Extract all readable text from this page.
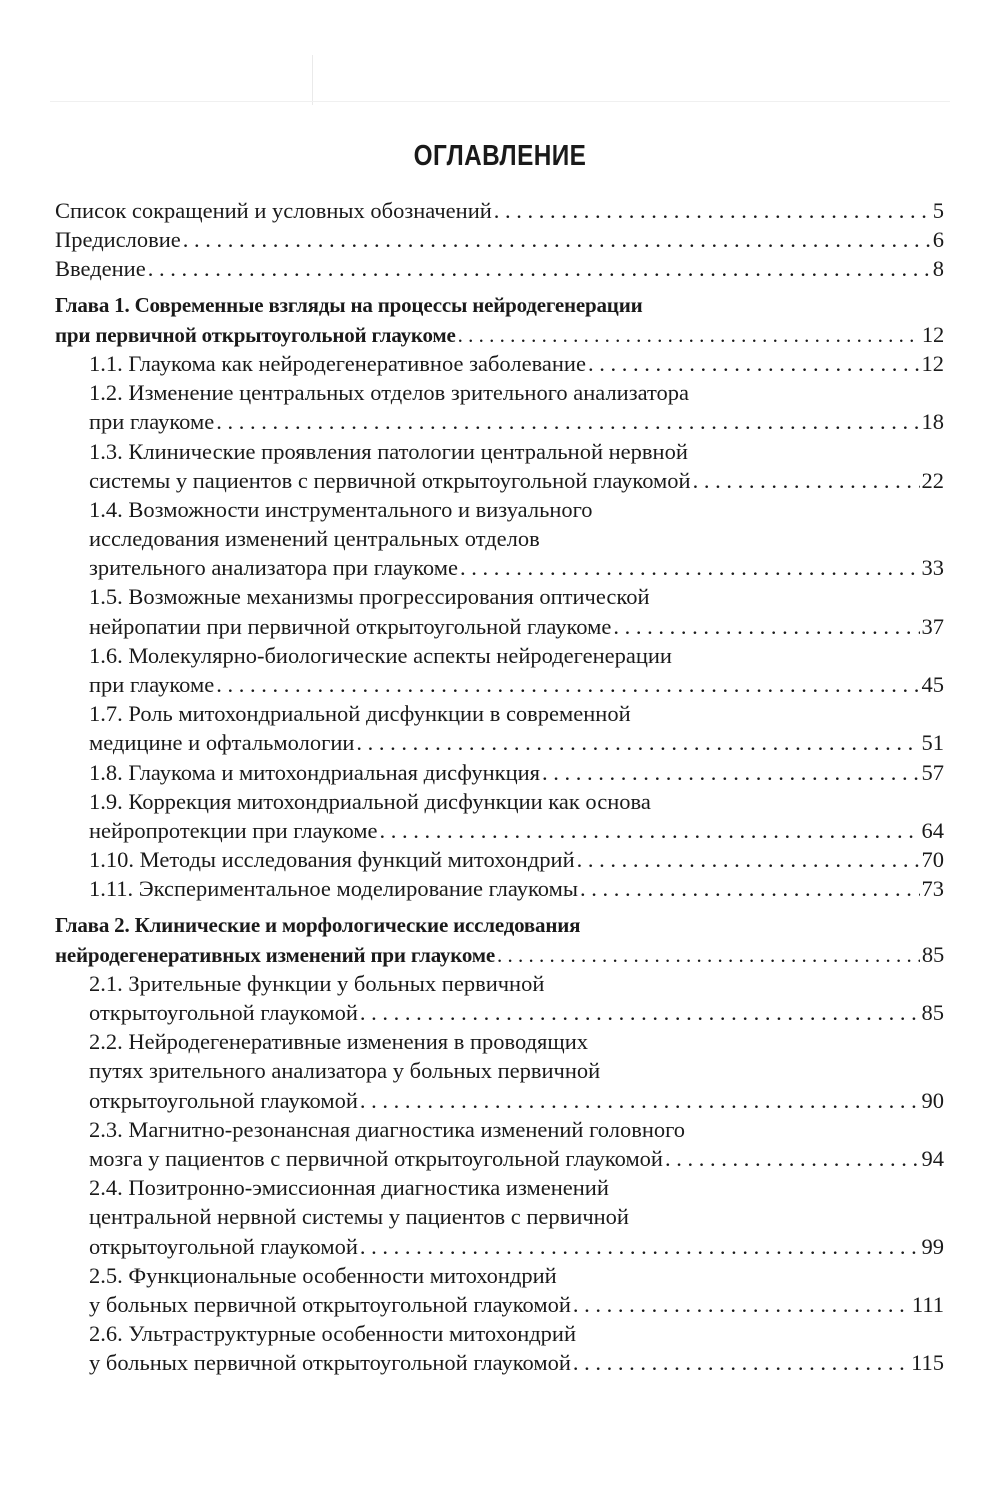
ОГЛАВЛЕНИЕ
Список сокращений и условных обозначений . . .	5
Предисловие . . .	6
Введение . . .	8
Глава 1. Современные взгляды на процессы нейродегенерации
при первичной открытоугольной глаукоме . . .	12
1.1. Глаукома как нейродегенеративное заболевание . . .	12
1.2. Изменение центральных отделов зрительного анализатора
при глаукоме . . .	18
1.3. Клинические проявления патологии центральной нервной
системы у пациентов с первичной открытоугольной глаукомой . . .	22
1.4. Возможности инструментального и визуального
исследования изменений центральных отделов
зрительного анализатора при глаукоме . . .	33
1.5. Возможные механизмы прогрессирования оптической
нейропатии при первичной открытоугольной глаукоме . . .	37
1.6. Молекулярно-биологические аспекты нейродегенерации
при глаукоме . . .	45
1.7. Роль митохондриальной дисфункции в современной
медицине и офтальмологии . . .	51
1.8. Глаукома и митохондриальная дисфункция . . .	57
1.9. Коррекция митохондриальной дисфункции как основа
нейропротекции при глаукоме . . .	64
1.10. Методы исследования функций митохондрий . . .	70
1.11. Экспериментальное моделирование глаукомы . . .	73
Глава 2. Клинические и морфологические исследования
нейродегенеративных изменений при глаукоме . . .	85
2.1. Зрительные функции у больных первичной
открытоугольной глаукомой . . .	85
2.2. Нейродегенеративные изменения в проводящих
путях зрительного анализатора у больных первичной
открытоугольной глаукомой . . .	90
2.3. Магнитно-резонансная диагностика изменений головного
мозга у пациентов с первичной открытоугольной глаукомой . . .	94
2.4. Позитронно-эмиссионная диагностика изменений
центральной нервной системы у пациентов с первичной
открытоугольной глаукомой . . .	99
2.5. Функциональные особенности митохондрий
у больных первичной открытоугольной глаукомой . . .	111
2.6. Ультраструктурные особенности митохондрий
у больных первичной открытоугольной глаукомой . . .	115
